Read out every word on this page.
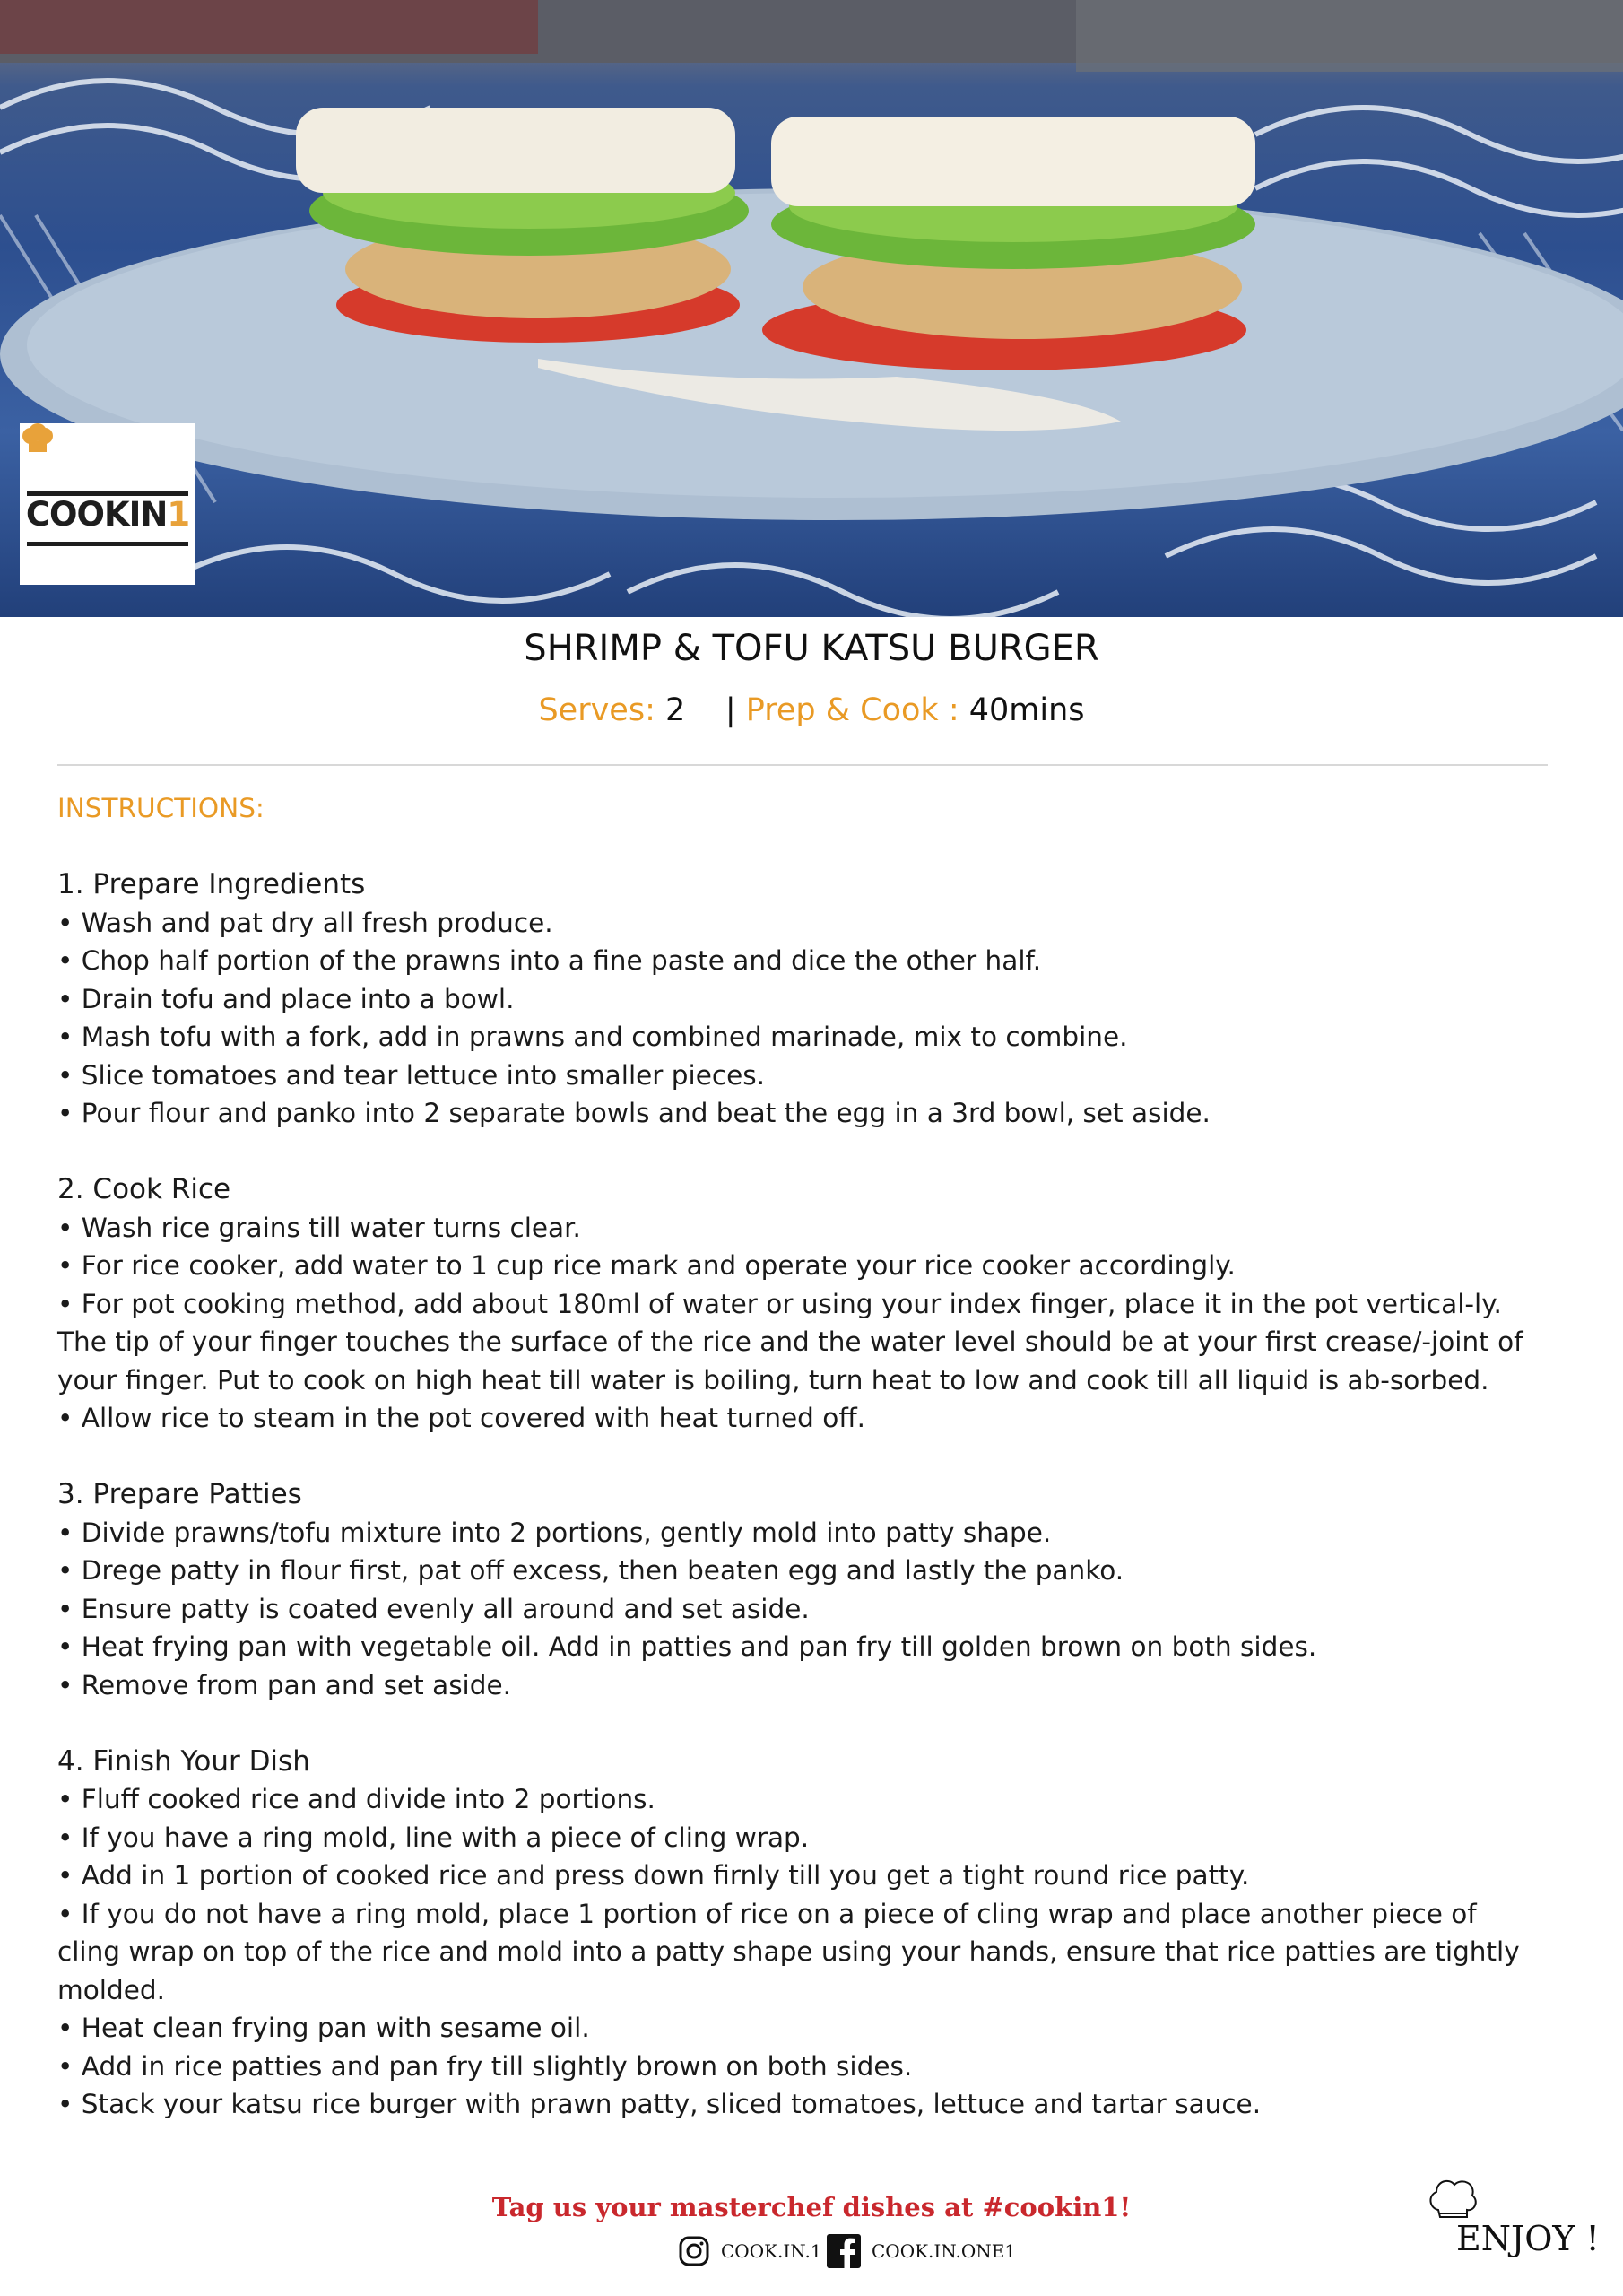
COOKIN1
SHRIMP & TOFU KATSU BURGER
Serves: 2 | Prep & Cook : 40mins
INSTRUCTIONS:
1. Prepare Ingredients
• Wash and pat dry all fresh produce.
• Chop half portion of the prawns into a fine paste and dice the other half.
• Drain tofu and place into a bowl.
• Mash tofu with a fork, add in prawns and combined marinade, mix to combine.
• Slice tomatoes and tear lettuce into smaller pieces.
• Pour flour and panko into 2 separate bowls and beat the egg in a 3rd bowl, set aside.
2. Cook Rice
• Wash rice grains till water turns clear.
• For rice cooker, add water to 1 cup rice mark and operate your rice cooker accordingly.
• For pot cooking method, add about 180ml of water or using your index finger, place it in the pot vertical-ly. The tip of your finger touches the surface of the rice and the water level should be at your first crease/-joint of your finger. Put to cook on high heat till water is boiling, turn heat to low and cook till all liquid is ab-sorbed.
• Allow rice to steam in the pot covered with heat turned off.
3. Prepare Patties
• Divide prawns/tofu mixture into 2 portions, gently mold into patty shape.
• Drege patty in flour first, pat off excess, then beaten egg and lastly the panko.
• Ensure patty is coated evenly all around and set aside.
• Heat frying pan with vegetable oil. Add in patties and pan fry till golden brown on both sides.
• Remove from pan and set aside.
4. Finish Your Dish
• Fluff cooked rice and divide into 2 portions.
• If you have a ring mold, line with a piece of cling wrap.
• Add in 1 portion of cooked rice and press down firnly till you get a tight round rice patty.
• If you do not have a ring mold, place 1 portion of rice on a piece of cling wrap and place another piece of cling wrap on top of the rice and mold into a patty shape using your hands, ensure that rice patties are tightly molded.
• Heat clean frying pan with sesame oil.
• Add in rice patties and pan fry till slightly brown on both sides.
• Stack your katsu rice burger with prawn patty, sliced tomatoes, lettuce and tartar sauce.
Tag us your masterchef dishes at #cookin1!
COOK.IN.1	COOK.IN.ONE1	ENJOY !
